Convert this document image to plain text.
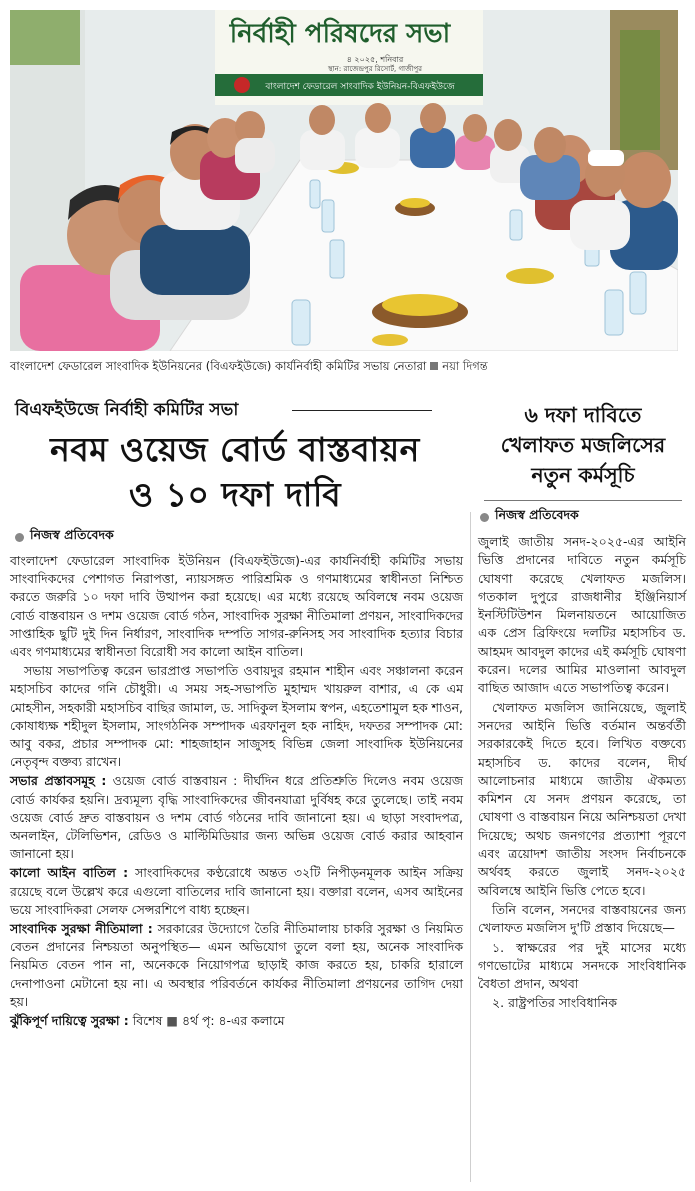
নির্বাহী পরিষদের সভা
৪ ২০২৫, শনিবার
স্থান: রাজেন্দ্রপুর রিসোর্ট, গাজীপুর
বাংলাদেশ ফেডারেল সাংবাদিক ইউনিয়ন-বিএফইউজে
বাংলাদেশ ফেডারেল সাংবাদিক ইউনিয়নের (বিএফইউজে) কার্যনির্বাহী কমিটির সভায় নেতারা নয়া দিগন্ত
বিএফইউজে নির্বাহী কমিটির সভা
নবম ওয়েজ বোর্ড বাস্তবায়ন
ও ১০ দফা দাবি
নিজস্ব প্রতিবেদক

বাংলাদেশ ফেডারেল সাংবাদিক ইউনিয়ন (বিএফইউজে)-এর কার্যনির্বাহী কমিটির সভায় সাংবাদিকদের পেশাগত নিরাপত্তা, ন্যায়সঙ্গত পারিশ্রমিক ও গণমাধ্যমের স্বাধীনতা নিশ্চিত করতে জরুরি ১০ দফা দাবি উত্থাপন করা হয়েছে। এর মধ্যে রয়েছে অবিলম্বে নবম ওয়েজ বোর্ড বাস্তবায়ন ও দশম ওয়েজ বোর্ড গঠন, সাংবাদিক সুরক্ষা নীতিমালা প্রণয়ন, সাংবাদিকদের সাপ্তাহিক ছুটি দুই দিন নির্ধারণ, সাংবাদিক দম্পতি সাগর-রুনিসহ সব সাংবাদিক হত্যার বিচার এবং গণমাধ্যমের স্বাধীনতা বিরোধী সব কালো আইন বাতিল।

সভায় সভাপতিত্ব করেন ভারপ্রাপ্ত সভাপতি ওবায়দুর রহমান শাহীন এবং সঞ্চালনা করেন মহাসচিব কাদের গনি চৌধুরী। এ সময় সহ-সভাপতি মুহাম্মদ খায়রুল বাশার, এ কে এম মোহসীন, সহকারী মহাসচিব বাছির জামাল, ড. সাদিকুল ইসলাম স্বপন, এহতেশামুল হক শাওন, কোষাধ্যক্ষ শহীদুল ইসলাম, সাংগঠনিক সম্পাদক এরফানুল হক নাহিদ, দফতর সম্পাদক মো: আবু বকর, প্রচার সম্পাদক মো: শাহজাহান সাজুসহ বিভিন্ন জেলা সাংবাদিক ইউনিয়নের নেতৃবৃন্দ বক্তব্য রাখেন।

সভার প্রস্তাবসমূহ : ওয়েজ বোর্ড বাস্তবায়ন : দীর্ঘদিন ধরে প্রতিশ্রুতি দিলেও নবম ওয়েজ বোর্ড কার্যকর হয়নি। দ্রব্যমূল্য বৃদ্ধি সাংবাদিকদের জীবনযাত্রা দুর্বিষহ করে তুলেছে। তাই নবম ওয়েজ বোর্ড দ্রুত বাস্তবায়ন ও দশম বোর্ড গঠনের দাবি জানানো হয়। এ ছাড়া সংবাদপত্র, অনলাইন, টেলিভিশন, রেডিও ও মাল্টিমিডিয়ার জন্য অভিন্ন ওয়েজ বোর্ড করার আহবান জানানো হয়।

কালো আইন বাতিল : সাংবাদিকদের কণ্ঠরোধে অন্তত ৩২টি নিপীড়নমূলক আইন সক্রিয় রয়েছে বলে উল্লেখ করে এগুলো বাতিলের দাবি জানানো হয়। বক্তারা বলেন, এসব আইনের ভয়ে সাংবাদিকরা সেলফ সেন্সরশিপে বাধ্য হচ্ছেন।

সাংবাদিক সুরক্ষা নীতিমালা : সরকারের উদ্যোগে তৈরি নীতিমালায় চাকরি সুরক্ষা ও নিয়মিত বেতন প্রদানের নিশ্চয়তা অনুপস্থিত— এমন অভিযোগ তুলে বলা হয়, অনেক সাংবাদিক নিয়মিত বেতন পান না, অনেককে নিয়োগপত্র ছাড়াই কাজ করতে হয়, চাকরি হারালে দেনাপাওনা মেটানো হয় না। এ অবস্থার পরিবর্তনে কার্যকর নীতিমালা প্রণয়নের তাগিদ দেয়া হয়।

ঝুঁকিপূর্ণ দায়িত্বে সুরক্ষা : বিশেষ ■ ৪র্থ পৃ: ৪-এর কলামে

৬ দফা দাবিতে
খেলাফত মজলিসের
নতুন কর্মসূচি
নিজস্ব প্রতিবেদক

জুলাই জাতীয় সনদ-২০২৫-এর আইনি ভিত্তি প্রদানের দাবিতে নতুন কর্মসূচি ঘোষণা করেছে খেলাফত মজলিস। গতকাল দুপুরে রাজধানীর ইঞ্জিনিয়ার্স ইনস্টিটিউশন মিলনায়তনে আয়োজিত এক প্রেস ব্রিফিংয়ে দলটির মহাসচিব ড. আহমদ আবদুল কাদের এই কর্মসূচি ঘোষণা করেন। দলের আমির মাওলানা আবদুল বাছিত আজাদ এতে সভাপতিত্ব করেন।

খেলাফত মজলিস জানিয়েছে, জুলাই সনদের আইনি ভিত্তি বর্তমান অন্তর্বর্তী সরকারকেই দিতে হবে। লিখিত বক্তব্যে মহাসচিব ড. কাদের বলেন, দীর্ঘ আলোচনার মাধ্যমে জাতীয় ঐকমত্য কমিশন যে সনদ প্রণয়ন করেছে, তা ঘোষণা ও বাস্তবায়ন নিয়ে অনিশ্চয়তা দেখা দিয়েছে; অথচ জনগণের প্রত্যাশা পূরণে এবং ত্রয়োদশ জাতীয় সংসদ নির্বাচনকে অর্থবহ করতে জুলাই সনদ-২০২৫ অবিলম্বে আইনি ভিত্তি পেতে হবে।

তিনি বলেন, সনদের বাস্তবায়নের জন্য খেলাফত মজলিস দু'টি প্রস্তাব দিয়েছে—

১. স্বাক্ষরের পর দুই মাসের মধ্যে গণভোটের মাধ্যমে সনদকে সাংবিধানিক বৈধতা প্রদান, অথবা

২. রাষ্ট্রপতির সাংবিধানিক
